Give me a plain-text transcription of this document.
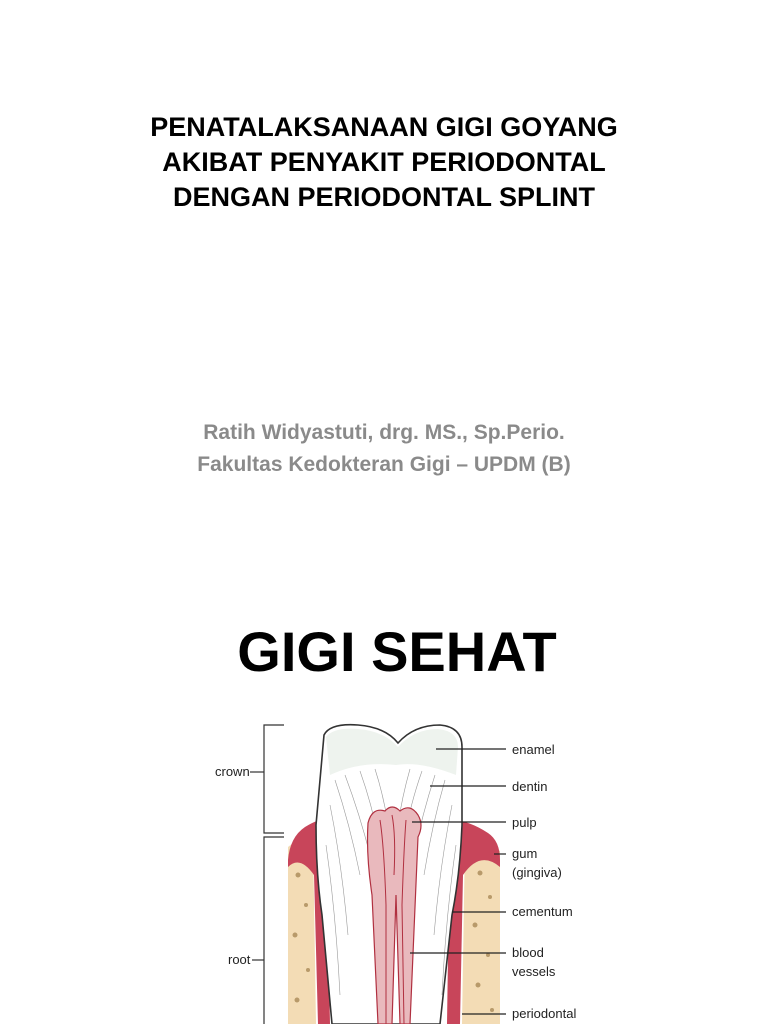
PENATALAKSANAAN GIGI GOYANG
AKIBAT PENYAKIT PERIODONTAL
DENGAN PERIODONTAL SPLINT
Ratih Widyastuti, drg. MS., Sp.Perio.
Fakultas Kedokteran Gigi – UPDM (B)
GIGI SEHAT
crown
root
enamel
dentin
pulp
gum
(gingiva)
cementum
blood
vessels
periodontal
